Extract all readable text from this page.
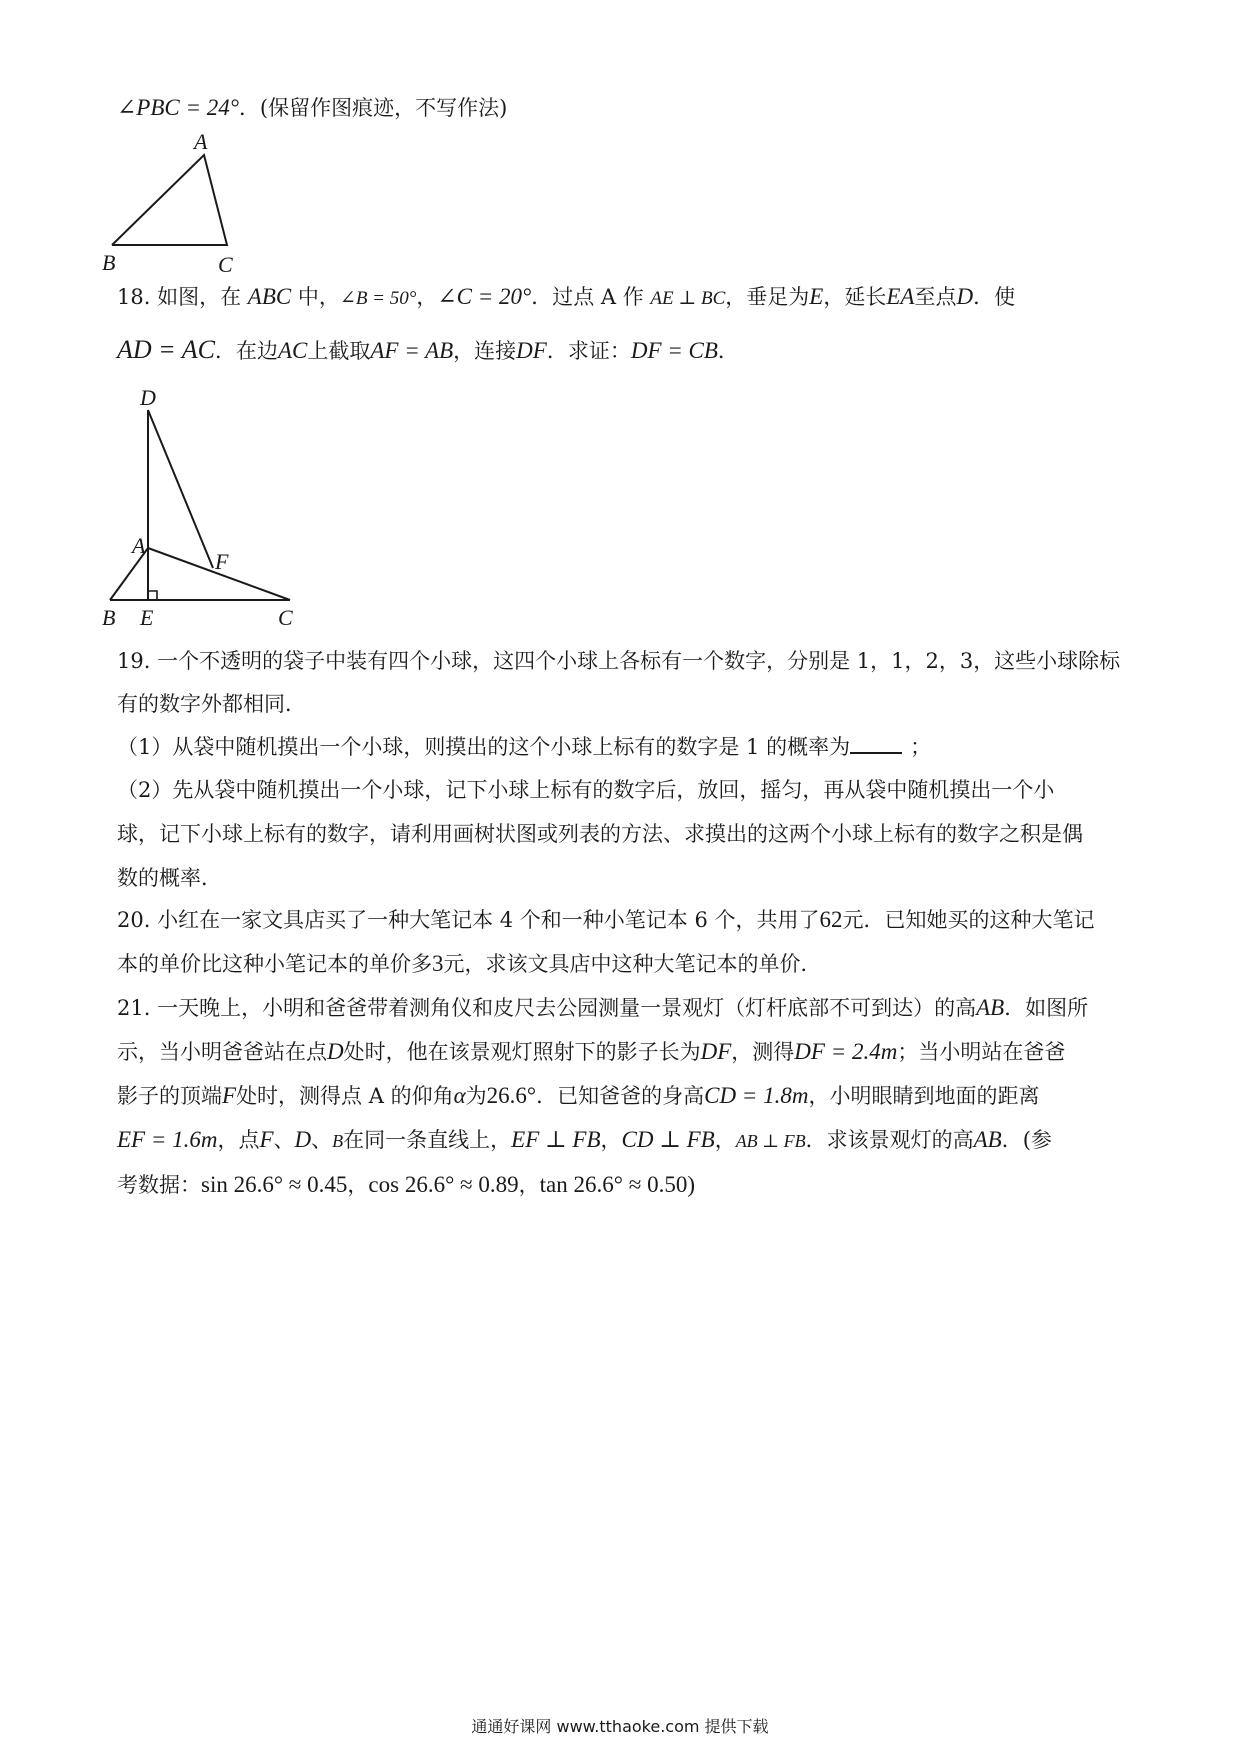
∠PBC = 24°．(保留作图痕迹，不写作法)
A
B	C
18. 如图，在 ABC 中，∠B = 50°，∠C = 20°．过点 A 作 AE ⊥ BC，垂足为E，延长EA至点D．使
AD = AC．在边AC上截取AF = AB，连接DF．求证：DF = CB．
D
A
F
B E	C
19. 一个不透明的袋子中装有四个小球，这四个小球上各标有一个数字，分别是 1，1，2，3，这些小球除标
有的数字外都相同．
（1）从袋中随机摸出一个小球，则摸出的这个小球上标有的数字是 1 的概率为	；
（2）先从袋中随机摸出一个小球，记下小球上标有的数字后，放回，摇匀，再从袋中随机摸出一个小
球，记下小球上标有的数字，请利用画树状图或列表的方法、求摸出的这两个小球上标有的数字之积是偶
数的概率．
20. 小红在一家文具店买了一种大笔记本 4 个和一种小笔记本 6 个，共用了62元．已知她买的这种大笔记
本的单价比这种小笔记本的单价多3元，求该文具店中这种大笔记本的单价．
21. 一天晚上，小明和爸爸带着测角仪和皮尺去公园测量一景观灯（灯杆底部不可到达）的高AB．如图所
示，当小明爸爸站在点D处时，他在该景观灯照射下的影子长为DF，测得DF = 2.4m；当小明站在爸爸
影子的顶端F处时，测得点 A 的仰角α为26.6°．已知爸爸的身高CD = 1.8m，小明眼睛到地面的距离
EF = 1.6m，点F、D、B在同一条直线上，EF ⊥ FB，CD ⊥ FB，AB ⊥ FB．求该景观灯的高AB．(参
考数据：sin 26.6° ≈ 0.45，cos 26.6° ≈ 0.89，tan 26.6° ≈ 0.50)
通通好课网 www.tthaoke.com 提供下载
